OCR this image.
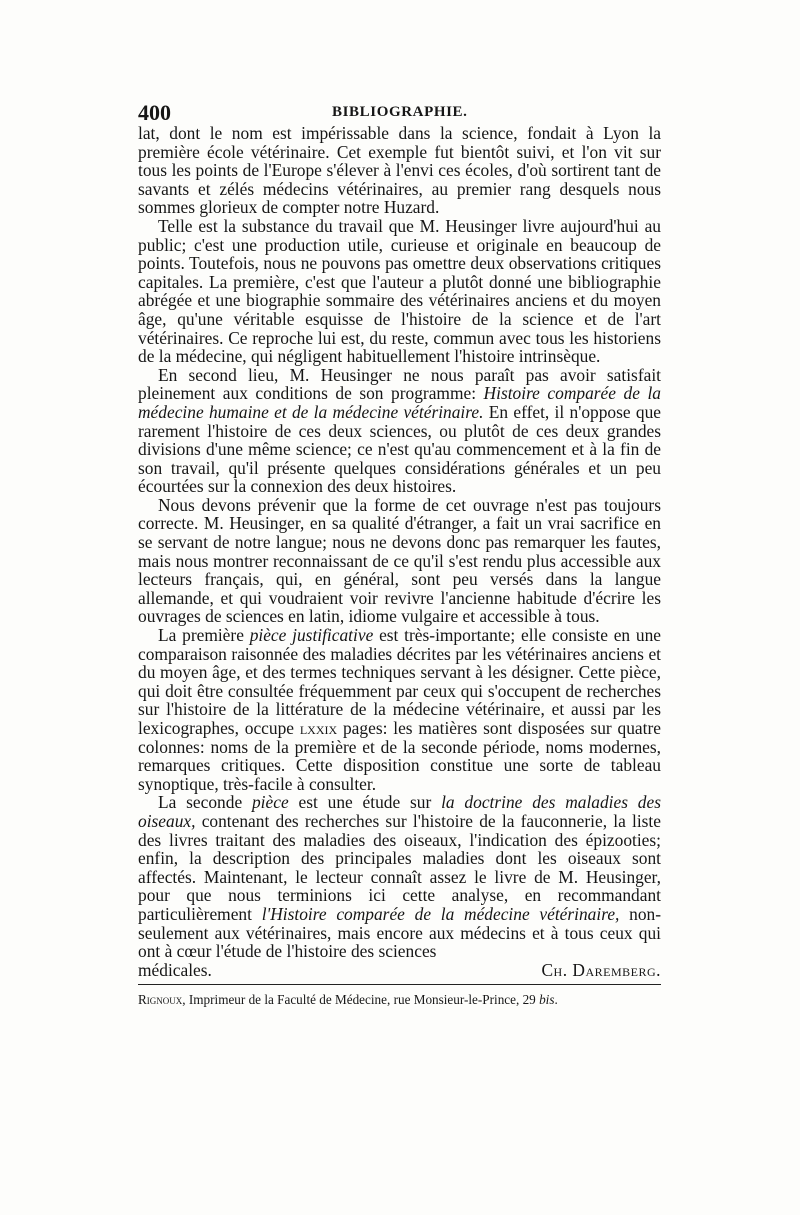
400	BIBLIOGRAPHIE.

lat, dont le nom est impérissable dans la science, fondait à Lyon la première école vétérinaire. Cet exemple fut bientôt suivi, et l'on vit sur tous les points de l'Europe s'élever à l'envi ces écoles, d'où sortirent tant de savants et zélés médecins vétérinaires, au premier rang desquels nous sommes glorieux de compter notre Huzard.

Telle est la substance du travail que M. Heusinger livre aujourd'hui au public; c'est une production utile, curieuse et originale en beaucoup de points. Toutefois, nous ne pouvons pas omettre deux observations critiques capitales. La première, c'est que l'auteur a plutôt donné une bibliographie abrégée et une biographie sommaire des vétérinaires anciens et du moyen âge, qu'une véritable esquisse de l'histoire de la science et de l'art vétérinaires. Ce reproche lui est, du reste, commun avec tous les historiens de la médecine, qui négligent habituellement l'histoire intrinsèque.

En second lieu, M. Heusinger ne nous paraît pas avoir satisfait pleinement aux conditions de son programme: Histoire comparée de la médecine humaine et de la médecine vétérinaire. En effet, il n'oppose que rarement l'histoire de ces deux sciences, ou plutôt de ces deux grandes divisions d'une même science; ce n'est qu'au commencement et à la fin de son travail, qu'il présente quelques considérations générales et un peu écourtées sur la connexion des deux histoires.

Nous devons prévenir que la forme de cet ouvrage n'est pas toujours correcte. M. Heusinger, en sa qualité d'étranger, a fait un vrai sacrifice en se servant de notre langue; nous ne devons donc pas remarquer les fautes, mais nous montrer reconnaissant de ce qu'il s'est rendu plus accessible aux lecteurs français, qui, en général, sont peu versés dans la langue allemande, et qui voudraient voir revivre l'ancienne habitude d'écrire les ouvrages de sciences en latin, idiome vulgaire et accessible à tous.

La première pièce justificative est très-importante; elle consiste en une comparaison raisonnée des maladies décrites par les vétérinaires anciens et du moyen âge, et des termes techniques servant à les désigner. Cette pièce, qui doit être consultée fréquemment par ceux qui s'occupent de recherches sur l'histoire de la littérature de la médecine vétérinaire, et aussi par les lexicographes, occupe lxxix pages: les matières sont disposées sur quatre colonnes: noms de la première et de la seconde période, noms modernes, remarques critiques. Cette disposition constitue une sorte de tableau synoptique, très-facile à consulter.

La seconde pièce est une étude sur la doctrine des maladies des oiseaux, contenant des recherches sur l'histoire de la fauconnerie, la liste des livres traitant des maladies des oiseaux, l'indication des épizooties; enfin, la description des principales maladies dont les oiseaux sont affectés. Maintenant, le lecteur connaît assez le livre de M. Heusinger, pour que nous terminions ici cette analyse, en recommandant particulièrement l'Histoire comparée de la médecine vétérinaire, non-seulement aux vétérinaires, mais encore aux médecins et à tous ceux qui ont à cœur l'étude de l'histoire des sciences

médicales.	Ch. Daremberg.

Rignoux, Imprimeur de la Faculté de Médecine, rue Monsieur-le-Prince, 29 bis.
